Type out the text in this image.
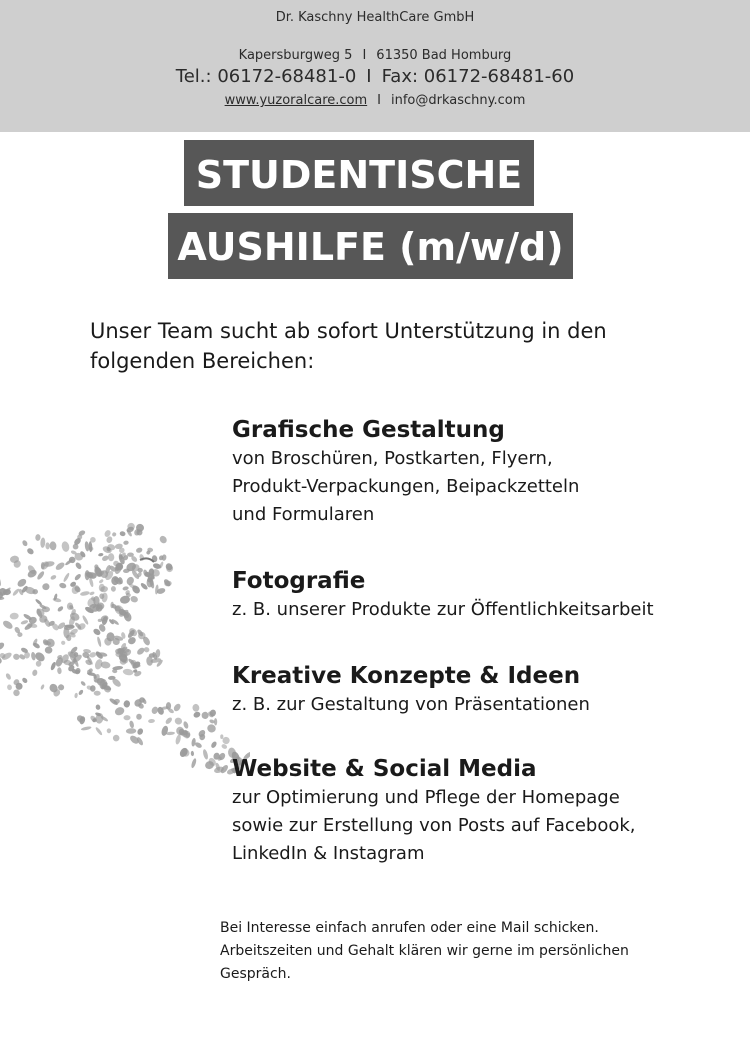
Dr. Kaschny HealthCare GmbH
Kapersburgweg 5 I 61350 Bad Homburg
Tel.: 06172-68481-0 I Fax: 06172-68481-60
www.yuzoralcare.com I info@drkaschny.com
STUDENTISCHE
AUSHILFE (m/w/d)
Unser Team sucht ab sofort Unterstützung in den folgenden Bereichen:
Grafische Gestaltung

von Broschüren, Postkarten, Flyern,

Produkt-Verpackungen, Beipackzetteln

und Formularen

Fotografie

z. B. unserer Produkte zur Öffentlichkeitsarbeit

Kreative Konzepte & Ideen

z. B. zur Gestaltung von Präsentationen

Website & Social Media

zur Optimierung und Pflege der Homepage

sowie zur Erstellung von Posts auf Facebook,

LinkedIn & Instagram

Bei Interesse einfach anrufen oder eine Mail schicken.
Arbeitszeiten und Gehalt klären wir gerne im persönlichen
Gespräch.
